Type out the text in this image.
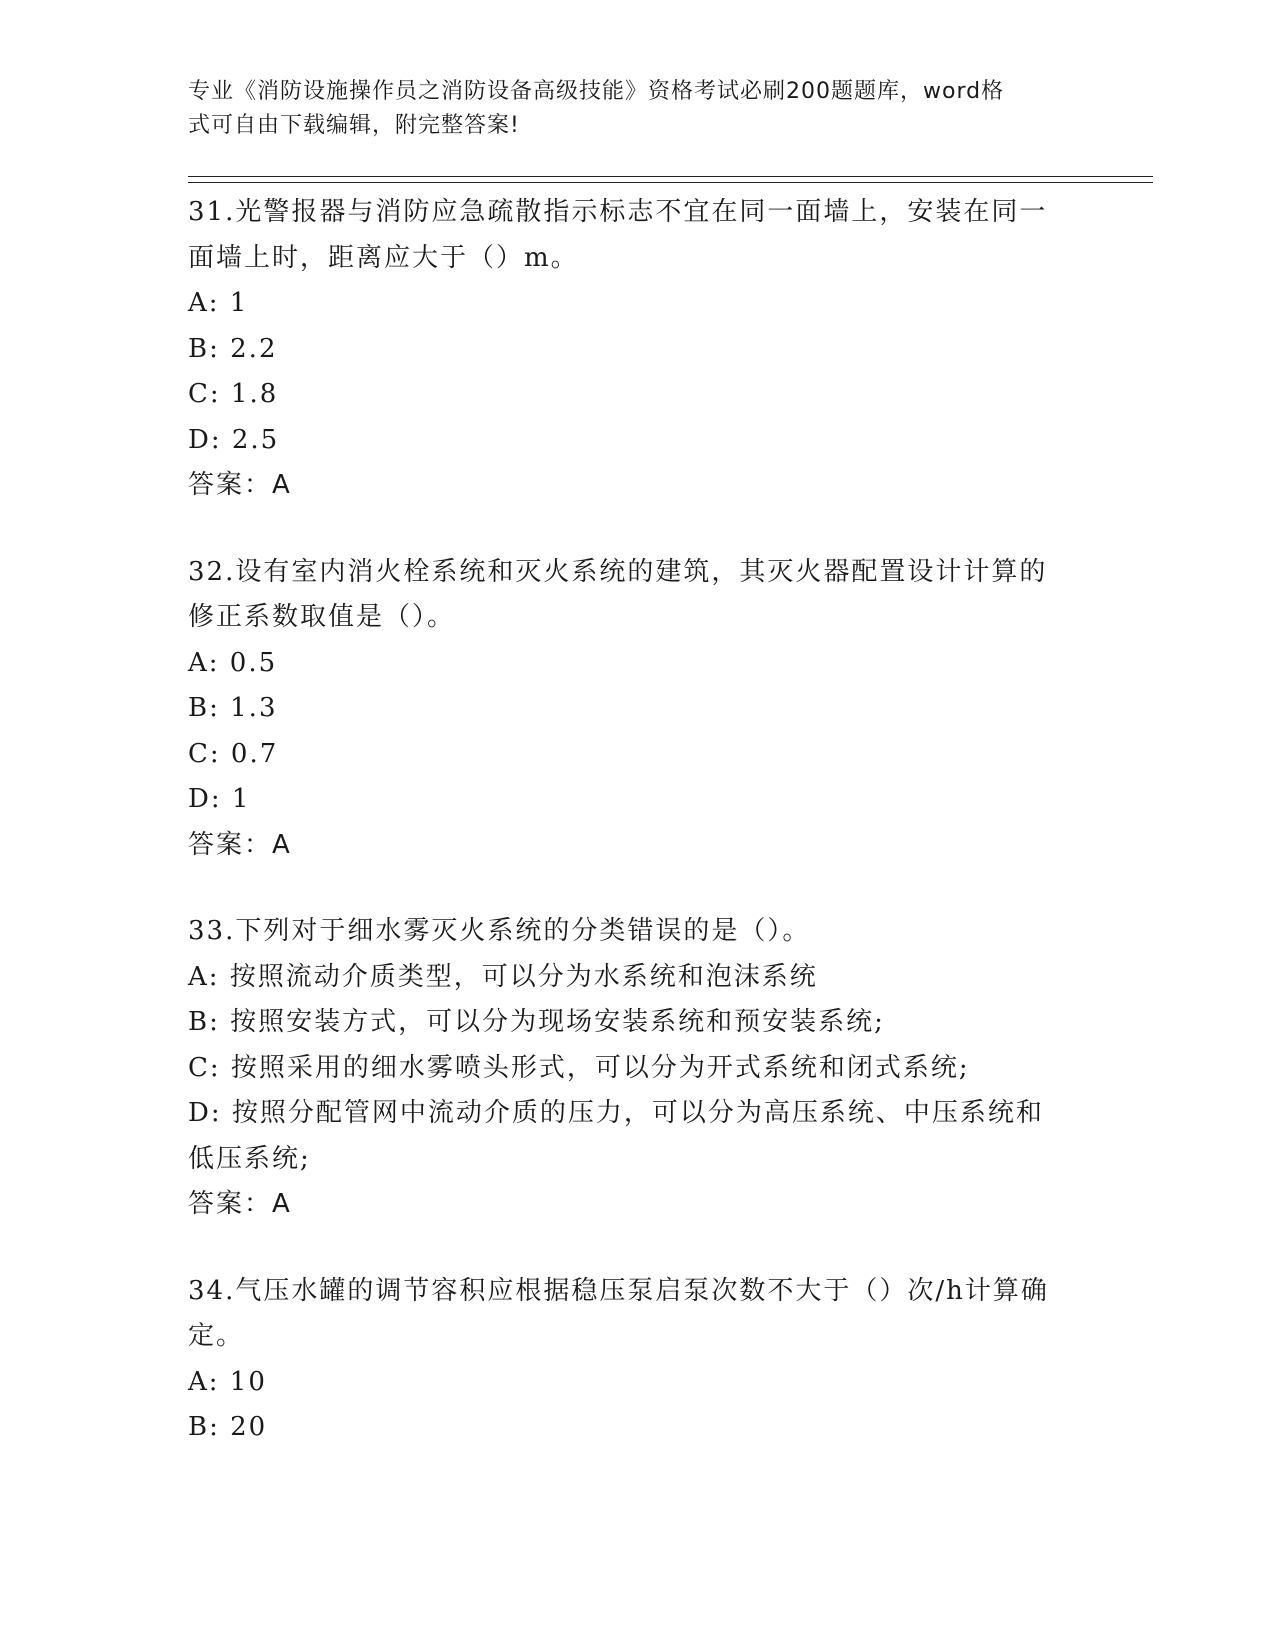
专业《消防设施操作员之消防设备高级技能》资格考试必刷200题题库，word格
式可自由下载编辑，附完整答案!
31.光警报器与消防应急疏散指示标志不宜在同一面墙上，安装在同一
面墙上时，距离应大于（）m。
A: 1
B: 2.2
C: 1.8
D: 2.5
答案：A
32.设有室内消火栓系统和灭火系统的建筑，其灭火器配置设计计算的
修正系数取值是（）。
A: 0.5
B: 1.3
C: 0.7
D: 1
答案：A
33.下列对于细水雾灭火系统的分类错误的是（）。
A: 按照流动介质类型，可以分为水系统和泡沫系统
B: 按照安装方式，可以分为现场安装系统和预安装系统;
C: 按照采用的细水雾喷头形式，可以分为开式系统和闭式系统;
D: 按照分配管网中流动介质的压力，可以分为高压系统、中压系统和
低压系统;
答案：A
34.气压水罐的调节容积应根据稳压泵启泵次数不大于（）次/h计算确
定。
A: 10
B: 20
